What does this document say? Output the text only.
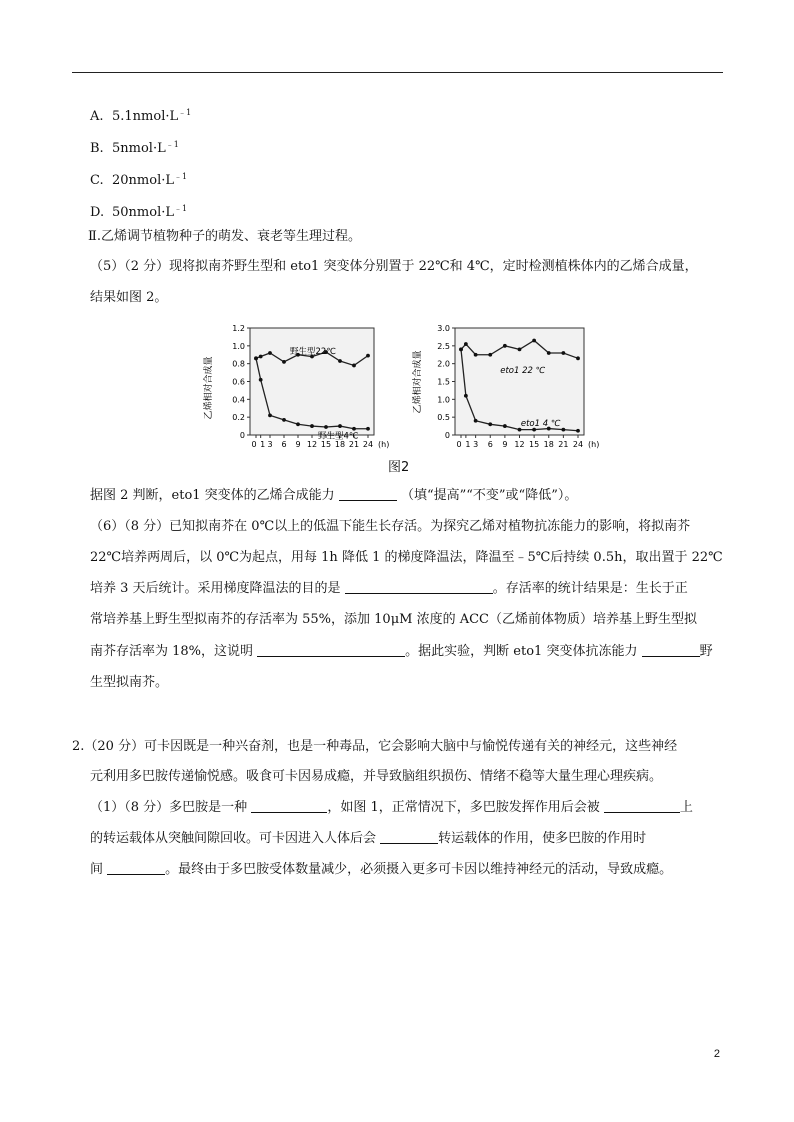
A. $5.1nmol\cdot L^{﹣1}$
B. $5nmol\cdot L^{﹣1}$
C. $20nmol\cdot L^{﹣1}$
D. $50nmol\cdot L^{﹣1}$
Ⅱ.乙烯调节植物种子的萌发、衰老等生理过程。
（5）（2 分）现将拟南芥野生型和 eto1 突变体分别置于 22℃和 4℃，定时检测植株体内的乙烯合成量，
结果如图 2。
乙烯相对合成量	乙烯相对合成量
0
0.2
0.4
0.6
0.8
1.0
1.2
0 1 3 6 9 12 15 18 21 24 (h)
野生型22℃
野生型4℃	0
0.5
1.0
1.5
2.0
2.5
3.0
0 1 3 6 9 12 15 18 21 24 (h)
eto1 22 ℃
eto1 4 ℃
图2
据图 2 判断，eto1 突变体的乙烯合成能力	（填“提高”“不变”或“降低”）。
（6）（8 分）已知拟南芥在 0℃以上的低温下能生长存活。为探究乙烯对植物抗冻能力的影响，将拟南芥
22℃培养两周后，以 0℃为起点，用每 1h 降低 1 的梯度降温法，降温至﹣5℃后持续 0.5h，取出置于 22℃
培养 3 天后统计。采用梯度降温法的目的是	。存活率的统计结果是：生长于正
常培养基上野生型拟南芥的存活率为 55%，添加 10μM 浓度的 ACC（乙烯前体物质）培养基上野生型拟
南芥存活率为 18%，这说明	。据此实验，判断 eto1 突变体抗冻能力	野
生型拟南芥。
2.（20 分）可卡因既是一种兴奋剂，也是一种毒品，它会影响大脑中与愉悦传递有关的神经元，这些神经
元利用多巴胺传递愉悦感。吸食可卡因易成瘾，并导致脑组织损伤、情绪不稳等大量生理心理疾病。
（1）（8 分）多巴胺是一种	，如图 1，正常情况下，多巴胺发挥作用后会被	上
的转运载体从突触间隙回收。可卡因进入人体后会	转运载体的作用，使多巴胺的作用时
间	。最终由于多巴胺受体数量减少，必须摄入更多可卡因以维持神经元的活动，导致成瘾。
2
